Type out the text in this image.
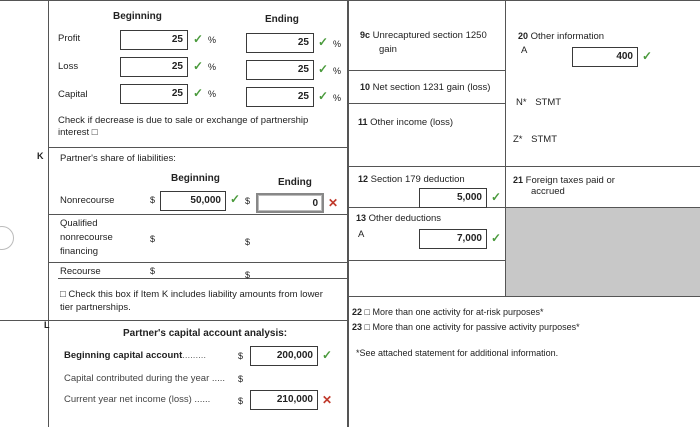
Beginning	Ending
Profit	25 ✓ %	25 ✓ %
Loss	25 ✓ %	25 ✓ %
Capital	25 ✓ %	25 ✓ %
Check if decrease is due to sale or exchange of partnership
interest □
K Partner's share of liabilities:
Beginning	Ending
Nonrecourse	$	50,000 ✓ $	0 ✕
Qualified
nonrecourse
financing
$	$
Recourse	$	$
□ Check this box if Item K includes liability amounts from lower
tier partnerships.
L
Partner's capital account analysis:
Beginning capital account.........	$	200,000 ✓
Capital contributed during the year ..... $
Current year net income (loss) ......	$	210,000 ✕
9c Unrecaptured section 1250
gain
10 Net section 1231 gain (loss)
11 Other income (loss)
12 Section 179 deduction
5,000 ✓
13 Other deductions
A	7,000 ✓
20 Other information
A
400 ✓
N* STMT
Z* STMT
21 Foreign taxes paid or
accrued
22 □ More than one activity for at-risk purposes*
23 □ More than one activity for passive activity purposes*
*See attached statement for additional information.
